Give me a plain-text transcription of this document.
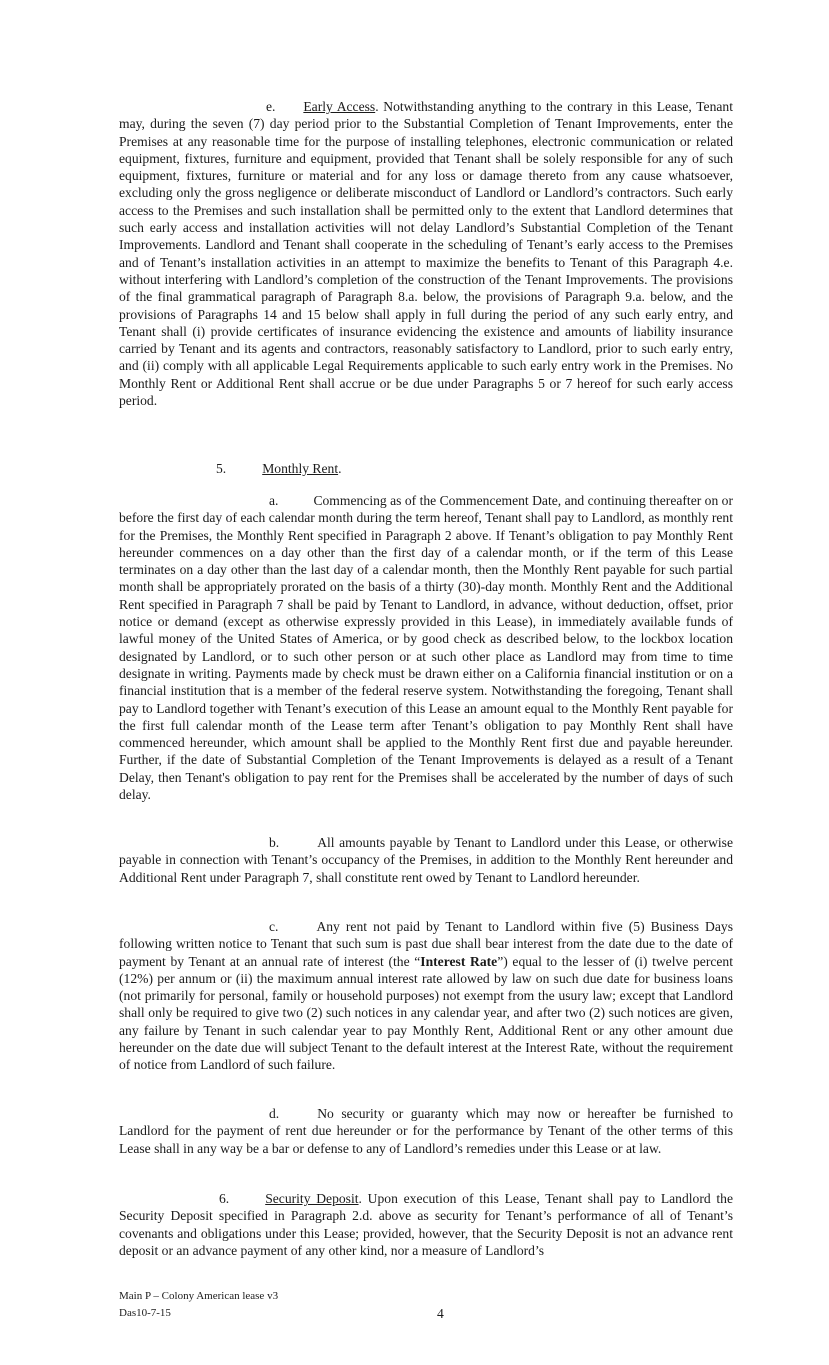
e. Early Access. Notwithstanding anything to the contrary in this Lease, Tenant may, during the seven (7) day period prior to the Substantial Completion of Tenant Improvements, enter the Premises at any reasonable time for the purpose of installing telephones, electronic communication or related equipment, fixtures, furniture and equipment, provided that Tenant shall be solely responsible for any of such equipment, fixtures, furniture or material and for any loss or damage thereto from any cause whatsoever, excluding only the gross negligence or deliberate misconduct of Landlord or Landlord’s contractors. Such early access to the Premises and such installation shall be permitted only to the extent that Landlord determines that such early access and installation activities will not delay Landlord’s Substantial Completion of the Tenant Improvements. Landlord and Tenant shall cooperate in the scheduling of Tenant’s early access to the Premises and of Tenant’s installation activities in an attempt to maximize the benefits to Tenant of this Paragraph 4.e. without interfering with Landlord’s completion of the construction of the Tenant Improvements. The provisions of the final grammatical paragraph of Paragraph 8.a. below, the provisions of Paragraph 9.a. below, and the provisions of Paragraphs 14 and 15 below shall apply in full during the period of any such early entry, and Tenant shall (i) provide certificates of insurance evidencing the existence and amounts of liability insurance carried by Tenant and its agents and contractors, reasonably satisfactory to Landlord, prior to such early entry, and (ii) comply with all applicable Legal Requirements applicable to such early entry work in the Premises. No Monthly Rent or Additional Rent shall accrue or be due under Paragraphs 5 or 7 hereof for such early access period.

5.	Monthly Rent.

a.	Commencing as of the Commencement Date, and continuing thereafter on or before the first day of each calendar month during the term hereof, Tenant shall pay to Landlord, as monthly rent for the Premises, the Monthly Rent specified in Paragraph 2 above. If Tenant’s obligation to pay Monthly Rent hereunder commences on a day other than the first day of a calendar month, or if the term of this Lease terminates on a day other than the last day of a calendar month, then the Monthly Rent payable for such partial month shall be appropriately prorated on the basis of a thirty (30)-day month. Monthly Rent and the Additional Rent specified in Paragraph 7 shall be paid by Tenant to Landlord, in advance, without deduction, offset, prior notice or demand (except as otherwise expressly provided in this Lease), in immediately available funds of lawful money of the United States of America, or by good check as described below, to the lockbox location designated by Landlord, or to such other person or at such other place as Landlord may from time to time designate in writing. Payments made by check must be drawn either on a California financial institution or on a financial institution that is a member of the federal reserve system. Notwithstanding the foregoing, Tenant shall pay to Landlord together with Tenant’s execution of this Lease an amount equal to the Monthly Rent payable for the first full calendar month of the Lease term after Tenant’s obligation to pay Monthly Rent shall have commenced hereunder, which amount shall be applied to the Monthly Rent first due and payable hereunder. Further, if the date of Substantial Completion of the Tenant Improvements is delayed as a result of a Tenant Delay, then Tenant's obligation to pay rent for the Premises shall be accelerated by the number of days of such delay.

b.	All amounts payable by Tenant to Landlord under this Lease, or otherwise payable in connection with Tenant’s occupancy of the Premises, in addition to the Monthly Rent hereunder and Additional Rent under Paragraph 7, shall constitute rent owed by Tenant to Landlord hereunder.

c.	Any rent not paid by Tenant to Landlord within five (5) Business Days following written notice to Tenant that such sum is past due shall bear interest from the date due to the date of payment by Tenant at an annual rate of interest (the “Interest Rate”) equal to the lesser of (i) twelve percent (12%) per annum or (ii) the maximum annual interest rate allowed by law on such due date for business loans (not primarily for personal, family or household purposes) not exempt from the usury law; except that Landlord shall only be required to give two (2) such notices in any calendar year, and after two (2) such notices are given, any failure by Tenant in such calendar year to pay Monthly Rent, Additional Rent or any other amount due hereunder on the date due will subject Tenant to the default interest at the Interest Rate, without the requirement of notice from Landlord of such failure.

d.	No security or guaranty which may now or hereafter be furnished to Landlord for the payment of rent due hereunder or for the performance by Tenant of the other terms of this Lease shall in any way be a bar or defense to any of Landlord’s remedies under this Lease or at law.

6.	Security Deposit. Upon execution of this Lease, Tenant shall pay to Landlord the Security Deposit specified in Paragraph 2.d. above as security for Tenant’s performance of all of Tenant’s covenants and obligations under this Lease; provided, however, that the Security Deposit is not an advance rent deposit or an advance payment of any other kind, nor a measure of Landlord’s

Main P – Colony American lease v3
Das10-7-15	4
